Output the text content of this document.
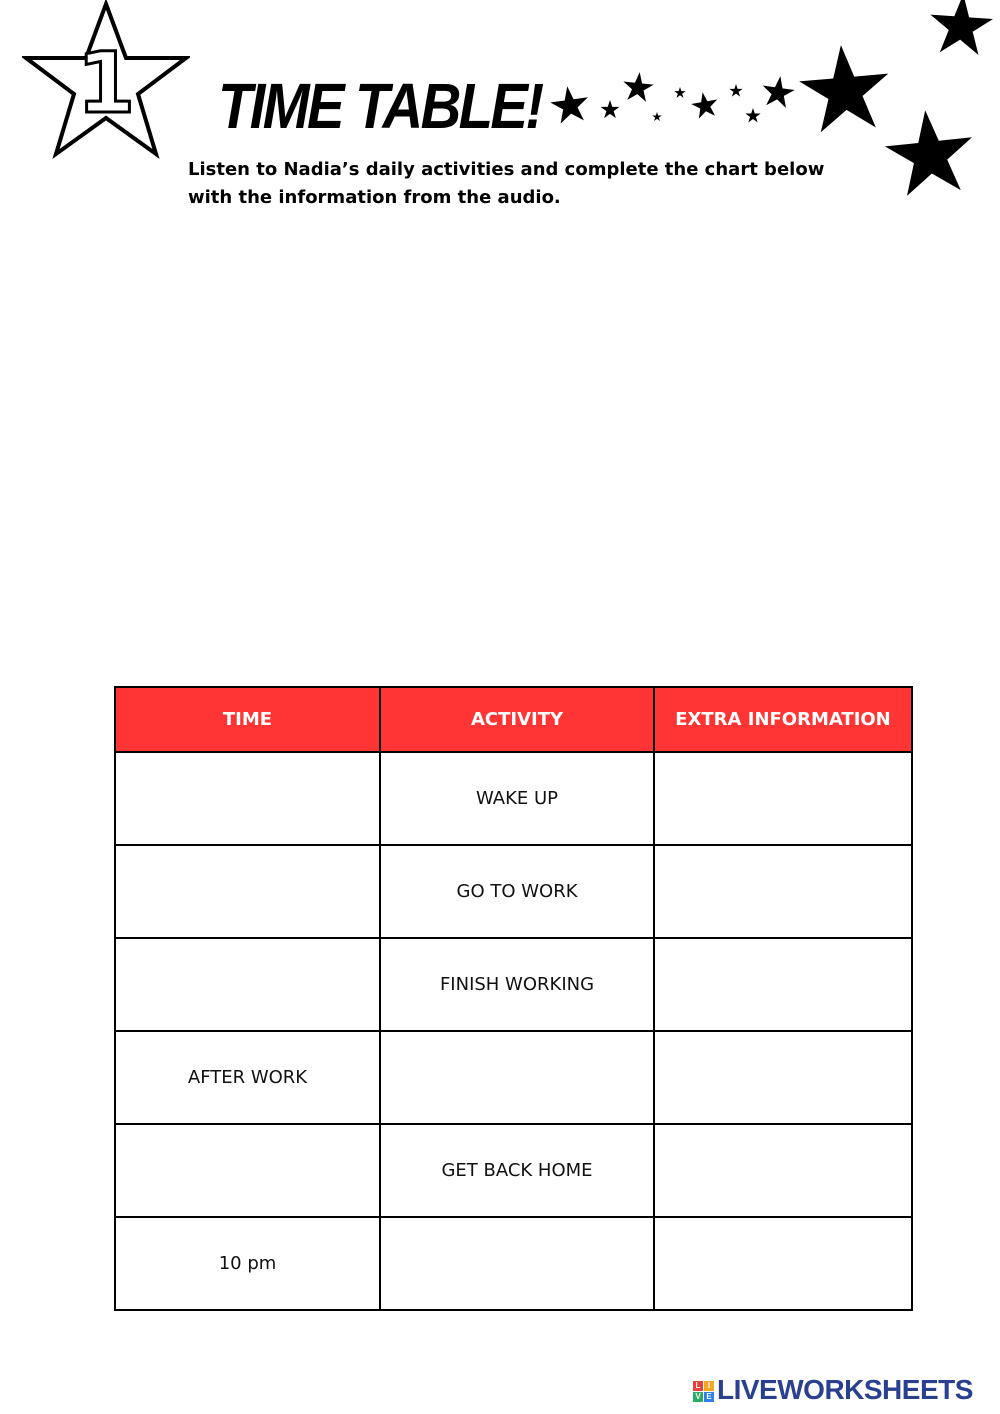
1	TIME TABLE!
Listen to Nadia’s daily activities and complete the chart below
with the information from the audio.
TIME	ACTIVITY	EXTRA INFORMATION
	WAKE UP	
	GO TO WORK	
	FINISH WORKING	
AFTER WORK		
	GET BACK HOME	
10 pm		
L I
V E LIVEWORKSHEETS
